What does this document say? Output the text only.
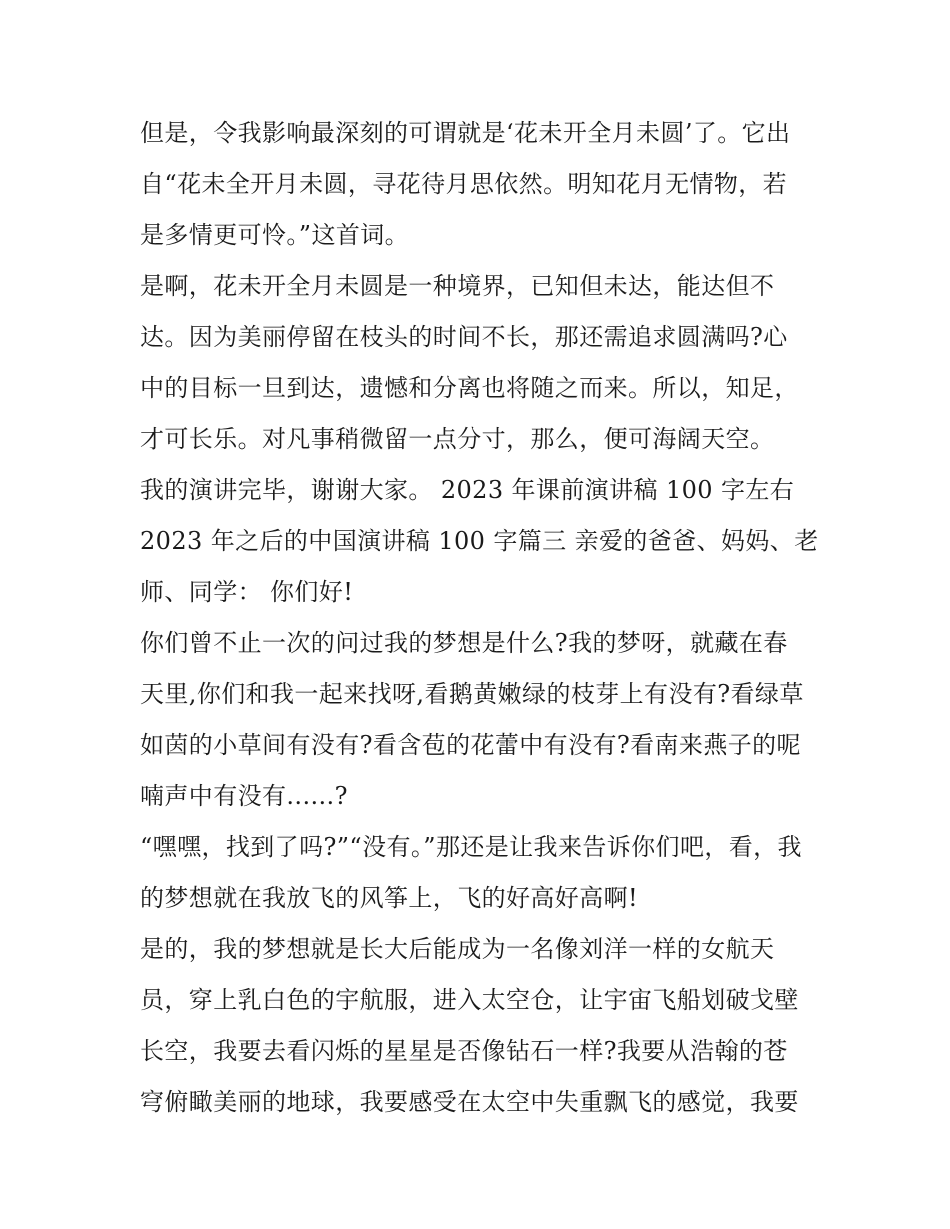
但是，令我影响最深刻的可谓就是‘花未开全月未圆’了。它出
自“花未全开月未圆，寻花待月思依然。明知花月无情物，若
是多情更可怜。”这首词。
是啊，花未开全月未圆是一种境界，已知但未达，能达但不
达。因为美丽停留在枝头的时间不长，那还需追求圆满吗?心
中的目标一旦到达，遗憾和分离也将随之而来。所以，知足，
才可长乐。对凡事稍微留一点分寸，那么，便可海阔天空。
我的演讲完毕，谢谢大家。 2023 年课前演讲稿 100 字左右
2023 年之后的中国演讲稿 100 字篇三 亲爱的爸爸、妈妈、老
师、同学： 你们好!
你们曾不止一次的问过我的梦想是什么?我的梦呀，就藏在春
天里,你们和我一起来找呀,看鹅黄嫩绿的枝芽上有没有?看绿草
如茵的小草间有没有?看含苞的花蕾中有没有?看南来燕子的呢
喃声中有没有......?
“嘿嘿，找到了吗?”“没有。”那还是让我来告诉你们吧，看，我
的梦想就在我放飞的风筝上，飞的好高好高啊!
是的，我的梦想就是长大后能成为一名像刘洋一样的女航天
员，穿上乳白色的宇航服，进入太空仓，让宇宙飞船划破戈壁
长空，我要去看闪烁的星星是否像钻石一样?我要从浩翰的苍
穹俯瞰美丽的地球，我要感受在太空中失重飘飞的感觉，我要
